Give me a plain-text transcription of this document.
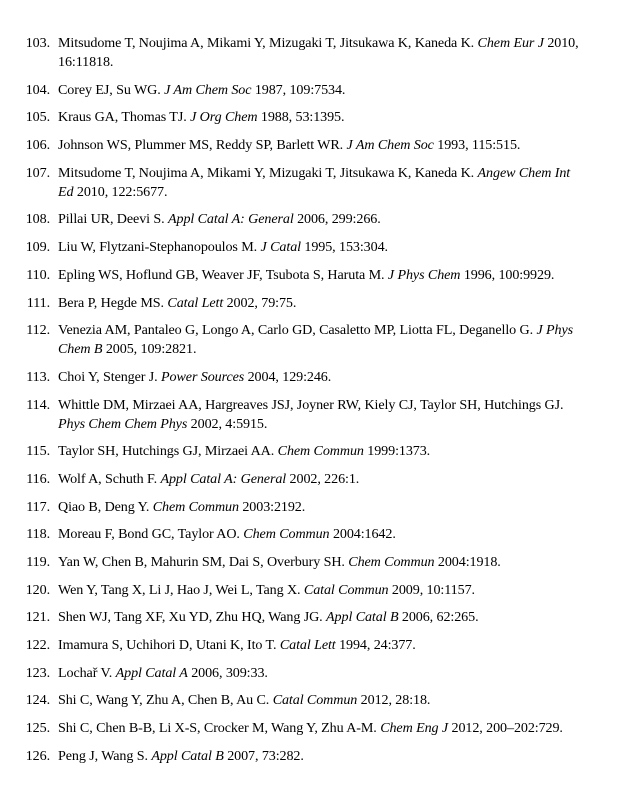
103. Mitsudome T, Noujima A, Mikami Y, Mizugaki T, Jitsukawa K, Kaneda K. Chem Eur J 2010, 16:11818.
104. Corey EJ, Su WG. J Am Chem Soc 1987, 109:7534.
105. Kraus GA, Thomas TJ. J Org Chem 1988, 53:1395.
106. Johnson WS, Plummer MS, Reddy SP, Barlett WR. J Am Chem Soc 1993, 115:515.
107. Mitsudome T, Noujima A, Mikami Y, Mizugaki T, Jitsukawa K, Kaneda K. Angew Chem Int Ed 2010, 122:5677.
108. Pillai UR, Deevi S. Appl Catal A: General 2006, 299:266.
109. Liu W, Flytzani-Stephanopoulos M. J Catal 1995, 153:304.
110. Epling WS, Hoflund GB, Weaver JF, Tsubota S, Haruta M. J Phys Chem 1996, 100:9929.
111. Bera P, Hegde MS. Catal Lett 2002, 79:75.
112. Venezia AM, Pantaleo G, Longo A, Carlo GD, Casaletto MP, Liotta FL, Deganello G. J Phys Chem B 2005, 109:2821.
113. Choi Y, Stenger J. Power Sources 2004, 129:246.
114. Whittle DM, Mirzaei AA, Hargreaves JSJ, Joyner RW, Kiely CJ, Taylor SH, Hutchings GJ. Phys Chem Chem Phys 2002, 4:5915.
115. Taylor SH, Hutchings GJ, Mirzaei AA. Chem Commun 1999:1373.
116. Wolf A, Schuth F. Appl Catal A: General 2002, 226:1.
117. Qiao B, Deng Y. Chem Commun 2003:2192.
118. Moreau F, Bond GC, Taylor AO. Chem Commun 2004:1642.
119. Yan W, Chen B, Mahurin SM, Dai S, Overbury SH. Chem Commun 2004:1918.
120. Wen Y, Tang X, Li J, Hao J, Wei L, Tang X. Catal Commun 2009, 10:1157.
121. Shen WJ, Tang XF, Xu YD, Zhu HQ, Wang JG. Appl Catal B 2006, 62:265.
122. Imamura S, Uchihori D, Utani K, Ito T. Catal Lett 1994, 24:377.
123. Lochař V. Appl Catal A 2006, 309:33.
124. Shi C, Wang Y, Zhu A, Chen B, Au C. Catal Commun 2012, 28:18.
125. Shi C, Chen B-B, Li X-S, Crocker M, Wang Y, Zhu A-M. Chem Eng J 2012, 200–202:729.
126. Peng J, Wang S. Appl Catal B 2007, 73:282.
